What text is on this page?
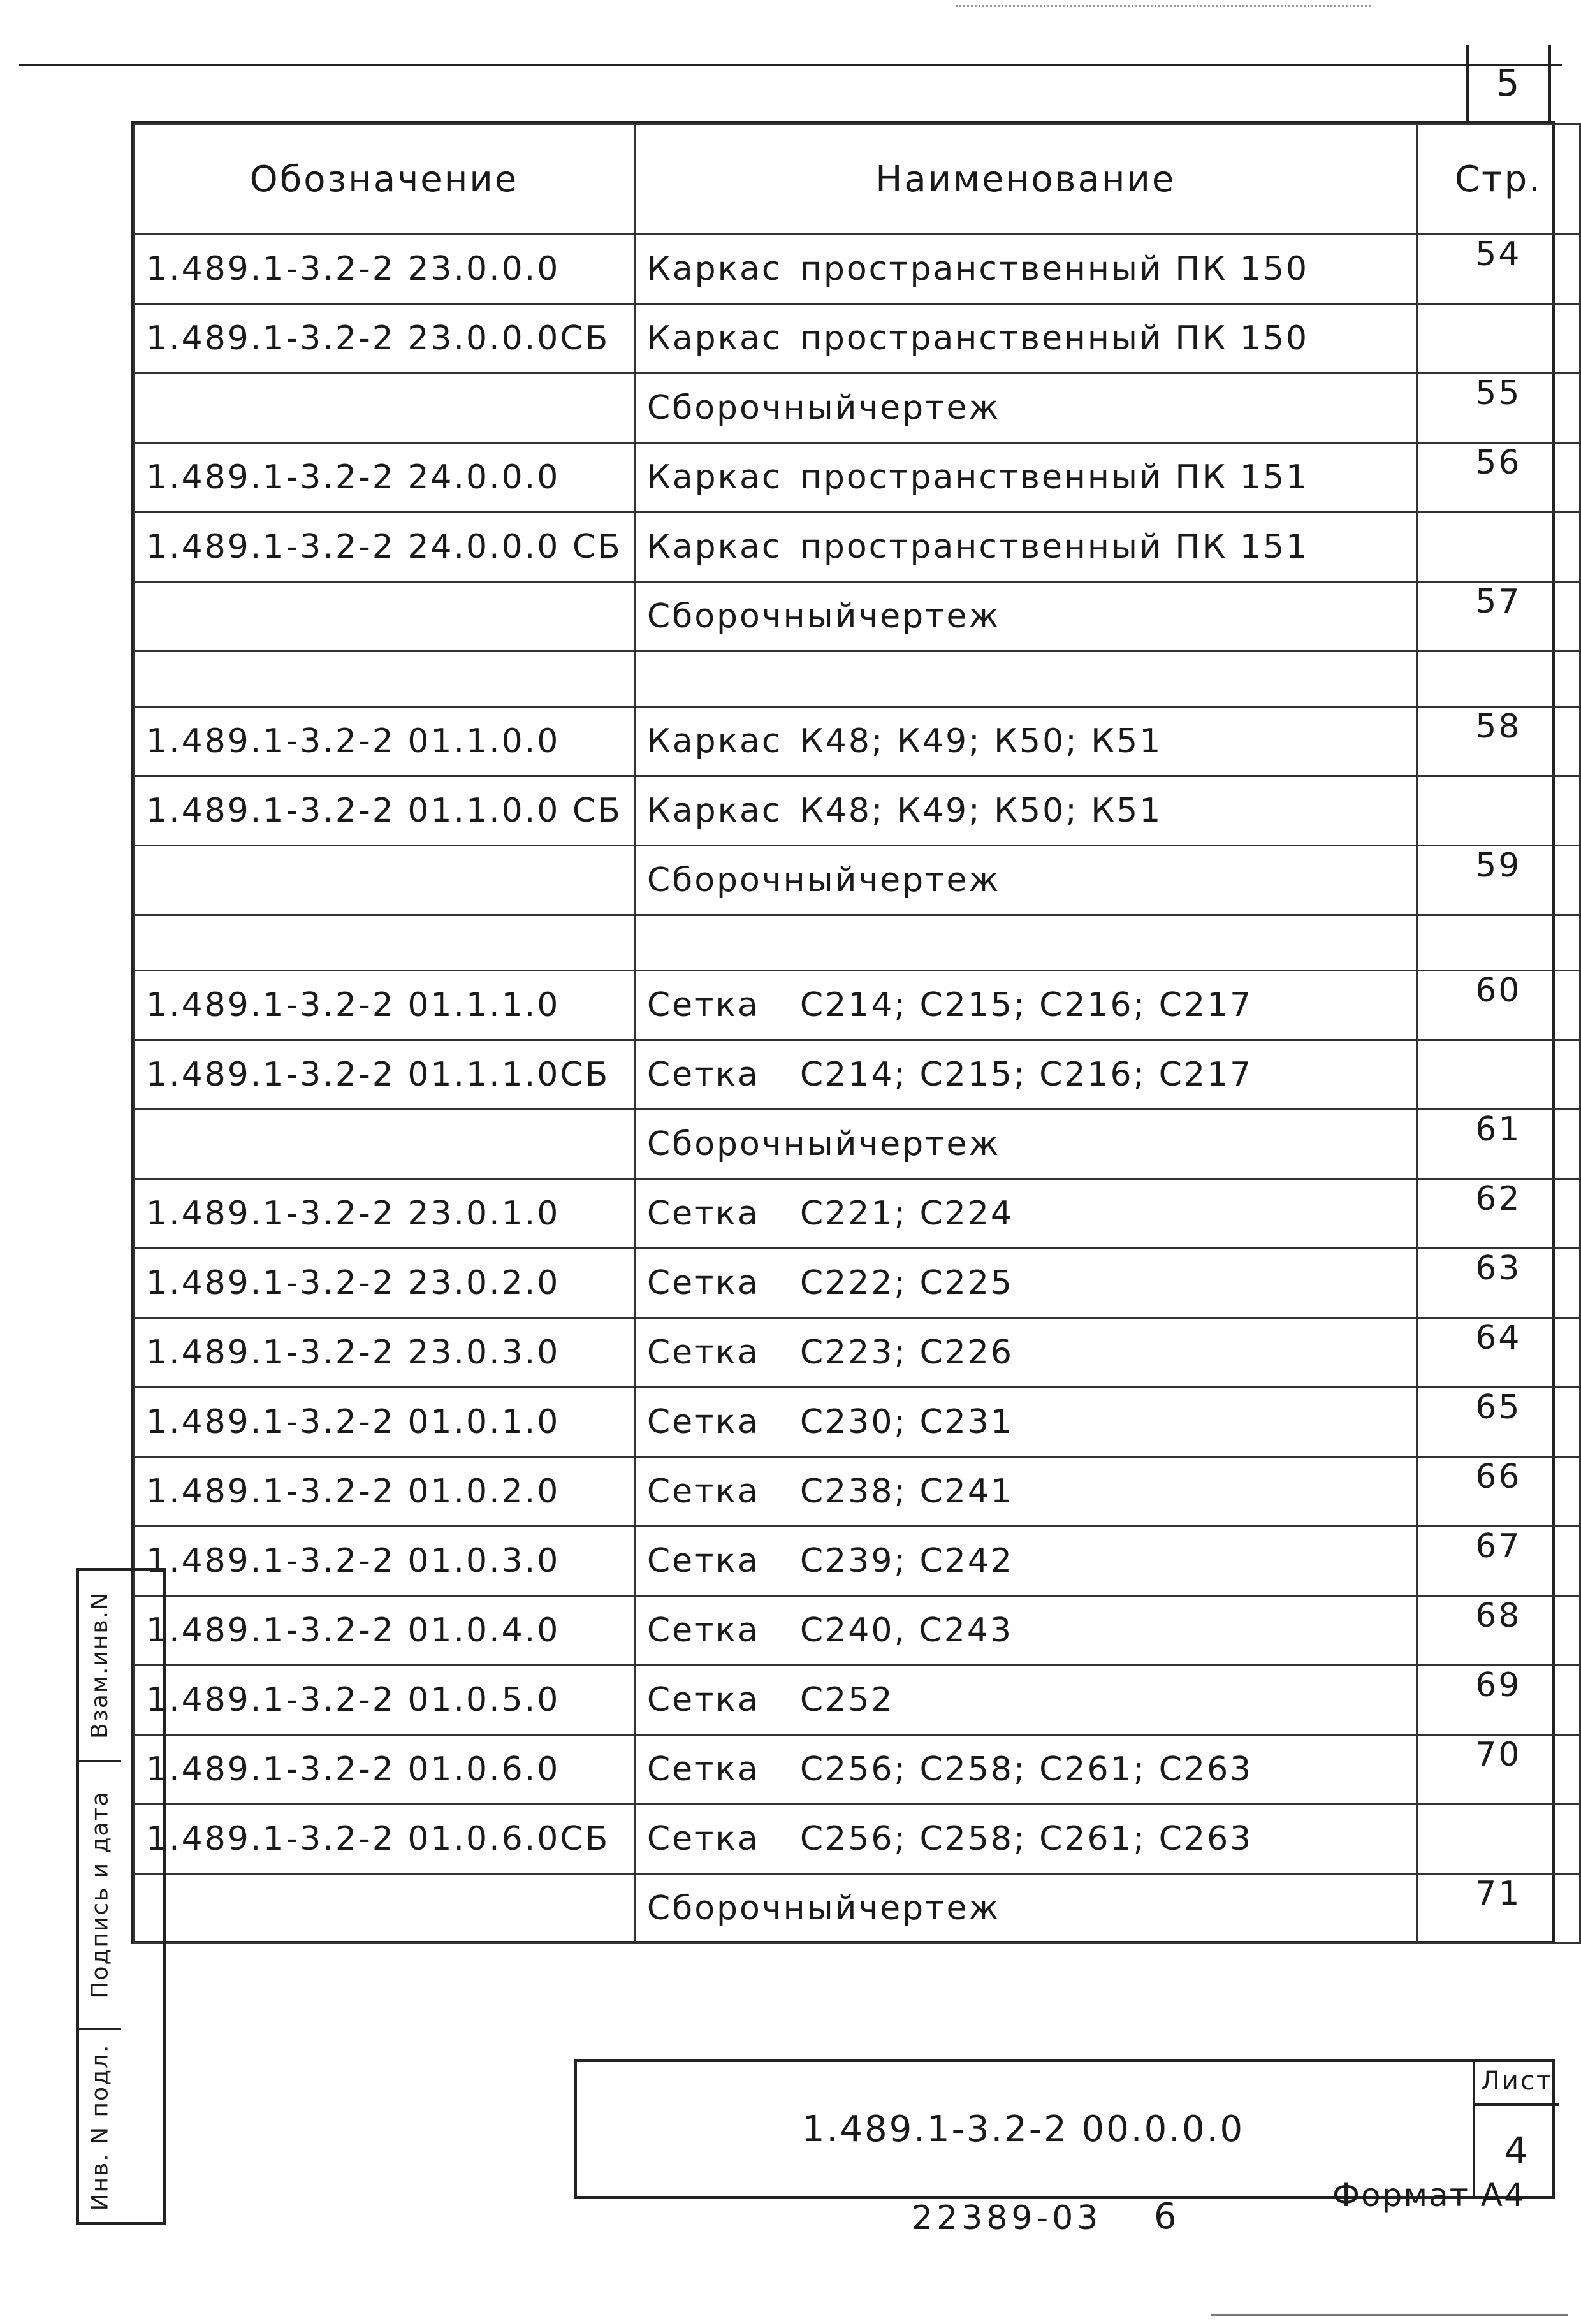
5
Обозначение	Наименование	Стр.
1.489.1-3.2-2 23.0.0.0	Каркас пространственный ПК 150	54
1.489.1-3.2-2 23.0.0.0СБ	Каркас пространственный ПК 150	
	Сборочныйчертеж	55
1.489.1-3.2-2 24.0.0.0	Каркас пространственный ПК 151	56
1.489.1-3.2-2 24.0.0.0 СБ	Каркас пространственный ПК 151	
	Сборочныйчертеж	57

1.489.1-3.2-2 01.1.0.0	Каркас К48; К49; К50; К51	58
1.489.1-3.2-2 01.1.0.0 СБ	Каркас К48; К49; К50; К51	
	Сборочныйчертеж	59

1.489.1-3.2-2 01.1.1.0	Сетка С214; С215; С216; С217	60
1.489.1-3.2-2 01.1.1.0СБ	Сетка С214; С215; С216; С217	
	Сборочныйчертеж	61
1.489.1-3.2-2 23.0.1.0	Сетка С221; С224	62
1.489.1-3.2-2 23.0.2.0	Сетка С222; С225	63
1.489.1-3.2-2 23.0.3.0	Сетка С223; С226	64
1.489.1-3.2-2 01.0.1.0	Сетка С230; С231	65
1.489.1-3.2-2 01.0.2.0	Сетка С238; С241	66
1.489.1-3.2-2 01.0.3.0	Сетка С239; С242	67
1.489.1-3.2-2 01.0.4.0	Сетка С240, С243	68
1.489.1-3.2-2 01.0.5.0	Сетка С252	69
1.489.1-3.2-2 01.0.6.0	Сетка С256; С258; С261; С263	70
1.489.1-3.2-2 01.0.6.0СБ	Сетка С256; С258; С261; С263	
	Сборочныйчертеж	71
Взам.инв.N
Подпись и дата
Инв. N подл.	1.489.1-3.2-2 00.0.0.0
Лист
4
22389-03 6
Формат А4
